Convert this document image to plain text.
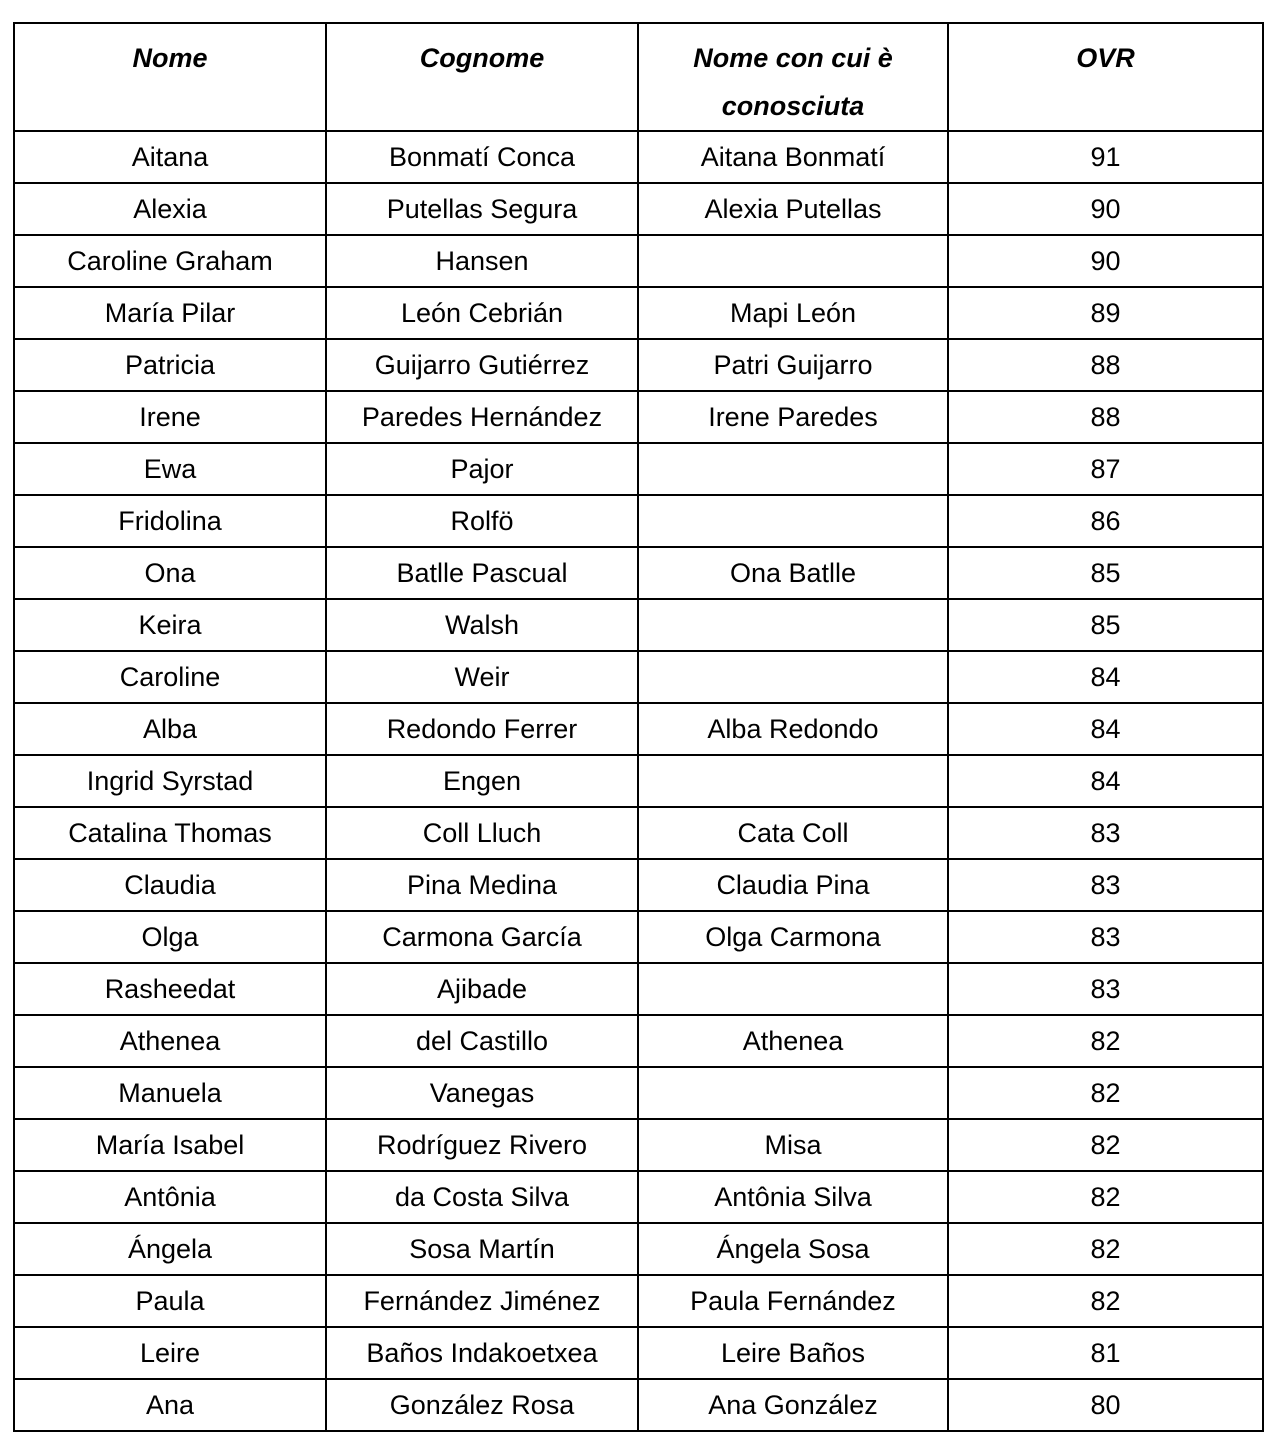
Nome	Cognome	Nome con cui è conosciuta	OVR
Aitana	Bonmatí Conca	Aitana Bonmatí	91
Alexia	Putellas Segura	Alexia Putellas	90
Caroline Graham	Hansen		90
María Pilar	León Cebrián	Mapi León	89
Patricia	Guijarro Gutiérrez	Patri Guijarro	88
Irene	Paredes Hernández	Irene Paredes	88
Ewa	Pajor		87
Fridolina	Rolfö		86
Ona	Batlle Pascual	Ona Batlle	85
Keira	Walsh		85
Caroline	Weir		84
Alba	Redondo Ferrer	Alba Redondo	84
Ingrid Syrstad	Engen		84
Catalina Thomas	Coll Lluch	Cata Coll	83
Claudia	Pina Medina	Claudia Pina	83
Olga	Carmona García	Olga Carmona	83
Rasheedat	Ajibade		83
Athenea	del Castillo	Athenea	82
Manuela	Vanegas		82
María Isabel	Rodríguez Rivero	Misa	82
Antônia	da Costa Silva	Antônia Silva	82
Ángela	Sosa Martín	Ángela Sosa	82
Paula	Fernández Jiménez	Paula Fernández	82
Leire	Baños Indakoetxea	Leire Baños	81
Ana	González Rosa	Ana González	80
